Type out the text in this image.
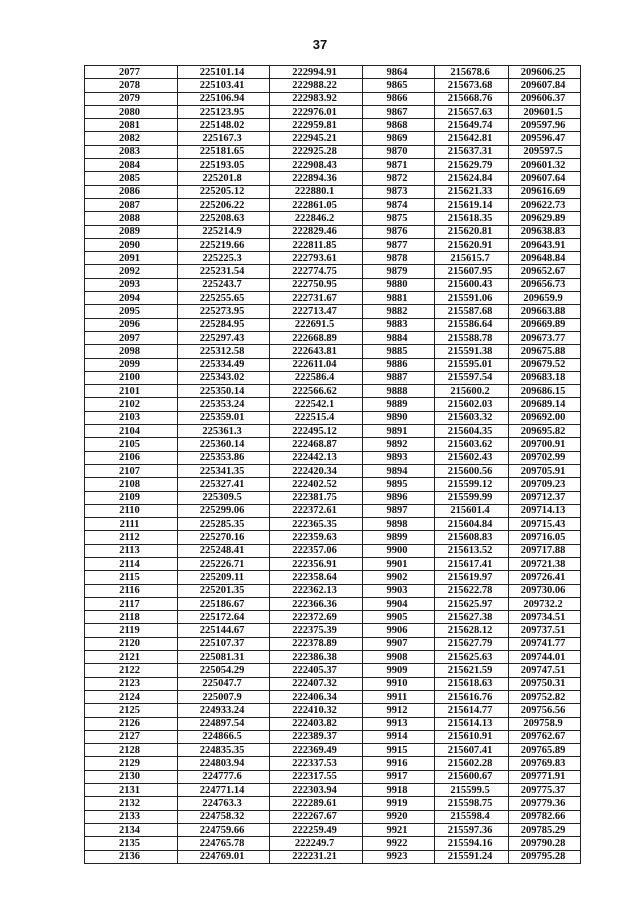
37
2077	225101.14	222994.91	9864	215678.6	209606.25
2078	225103.41	222988.22	9865	215673.68	209607.84
2079	225106.94	222983.92	9866	215668.76	209606.37
2080	225123.95	222976.01	9867	215657.63	209601.5
2081	225148.02	222959.81	9868	215649.74	209597.96
2082	225167.3	222945.21	9869	215642.81	209596.47
2083	225181.65	222925.28	9870	215637.31	209597.5
2084	225193.05	222908.43	9871	215629.79	209601.32
2085	225201.8	222894.36	9872	215624.84	209607.64
2086	225205.12	222880.1	9873	215621.33	209616.69
2087	225206.22	222861.05	9874	215619.14	209622.73
2088	225208.63	222846.2	9875	215618.35	209629.89
2089	225214.9	222829.46	9876	215620.81	209638.83
2090	225219.66	222811.85	9877	215620.91	209643.91
2091	225225.3	222793.61	9878	215615.7	209648.84
2092	225231.54	222774.75	9879	215607.95	209652.67
2093	225243.7	222750.95	9880	215600.43	209656.73
2094	225255.65	222731.67	9881	215591.06	209659.9
2095	225273.95	222713.47	9882	215587.68	209663.88
2096	225284.95	222691.5	9883	215586.64	209669.89
2097	225297.43	222668.89	9884	215588.78	209673.77
2098	225312.58	222643.81	9885	215591.38	209675.88
2099	225334.49	222611.04	9886	215595.01	209679.52
2100	225343.02	222586.4	9887	215597.54	209683.18
2101	225350.14	222566.62	9888	215600.2	209686.15
2102	225353.24	222542.1	9889	215602.03	209689.14
2103	225359.01	222515.4	9890	215603.32	209692.00
2104	225361.3	222495.12	9891	215604.35	209695.82
2105	225360.14	222468.87	9892	215603.62	209700.91
2106	225353.86	222442.13	9893	215602.43	209702.99
2107	225341.35	222420.34	9894	215600.56	209705.91
2108	225327.41	222402.52	9895	215599.12	209709.23
2109	225309.5	222381.75	9896	215599.99	209712.37
2110	225299.06	222372.61	9897	215601.4	209714.13
2111	225285.35	222365.35	9898	215604.84	209715.43
2112	225270.16	222359.63	9899	215608.83	209716.05
2113	225248.41	222357.06	9900	215613.52	209717.88
2114	225226.71	222356.91	9901	215617.41	209721.38
2115	225209.11	222358.64	9902	215619.97	209726.41
2116	225201.35	222362.13	9903	215622.78	209730.06
2117	225186.67	222366.36	9904	215625.97	209732.2
2118	225172.64	222372.69	9905	215627.38	209734.51
2119	225144.67	222375.39	9906	215628.12	209737.51
2120	225107.37	222378.89	9907	215627.79	209741.77
2121	225081.31	222386.38	9908	215625.63	209744.01
2122	225054.29	222405.37	9909	215621.59	209747.51
2123	225047.7	222407.32	9910	215618.63	209750.31
2124	225007.9	222406.34	9911	215616.76	209752.82
2125	224933.24	222410.32	9912	215614.77	209756.56
2126	224897.54	222403.82	9913	215614.13	209758.9
2127	224866.5	222389.37	9914	215610.91	209762.67
2128	224835.35	222369.49	9915	215607.41	209765.89
2129	224803.94	222337.53	9916	215602.28	209769.83
2130	224777.6	222317.55	9917	215600.67	209771.91
2131	224771.14	222303.94	9918	215599.5	209775.37
2132	224763.3	222289.61	9919	215598.75	209779.36
2133	224758.32	222267.67	9920	215598.4	209782.66
2134	224759.66	222259.49	9921	215597.36	209785.29
2135	224765.78	222249.7	9922	215594.16	209790.28
2136	224769.01	222231.21	9923	215591.24	209795.28
